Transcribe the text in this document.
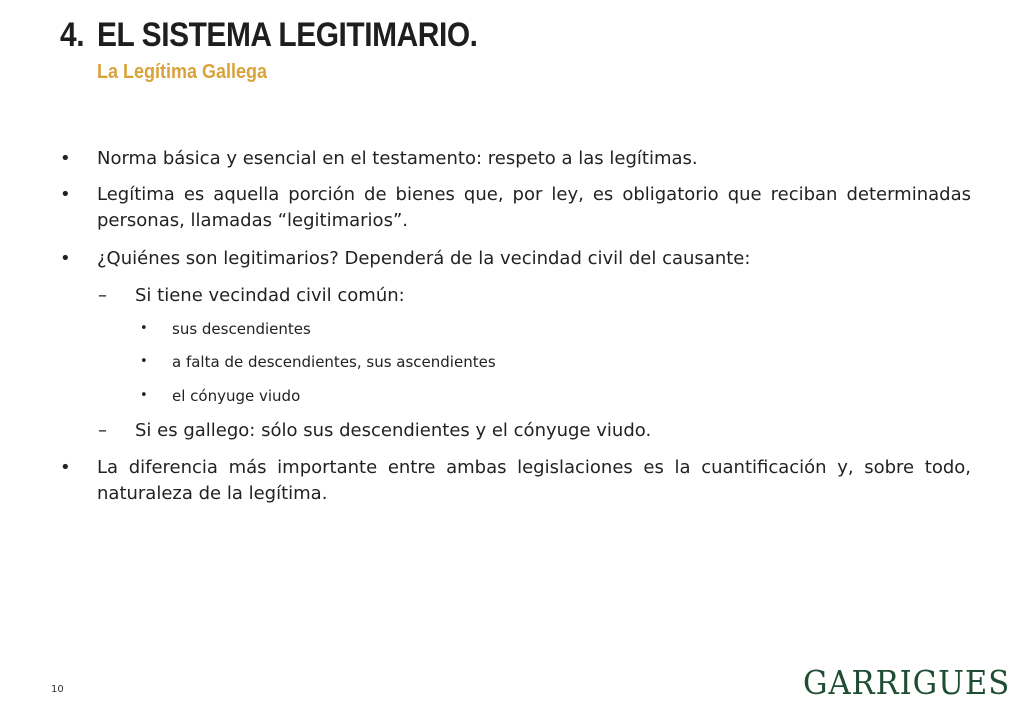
4. EL SISTEMA LEGITIMARIO.
La Legítima Gallega
• Norma básica y esencial en el testamento: respeto a las legítimas.
• Legítima es aquella porción de bienes que, por ley, es obligatorio que reciban determinadas personas, llamadas “legitimarios”.
• ¿Quiénes son legitimarios? Dependerá de la vecindad civil del causante:
– Si tiene vecindad civil común:
• sus descendientes
• a falta de descendientes, sus ascendientes
• el cónyuge viudo
– Si es gallego: sólo sus descendientes y el cónyuge viudo.
• La diferencia más importante entre ambas legislaciones es la cuantificación y, sobre todo, naturaleza de la legítima.
10	GARRIGUES
